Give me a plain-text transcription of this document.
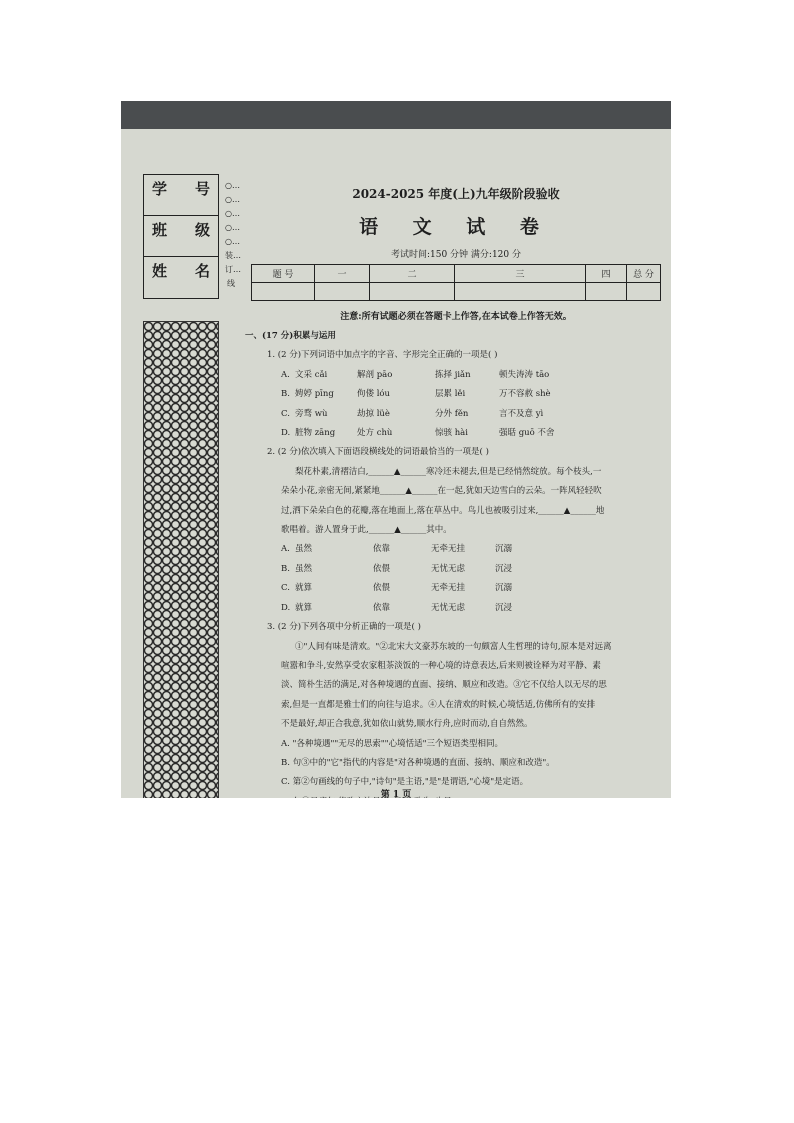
学 号
班 级
姓 名
○…○…○…○…○…装…订…线
2024-2025 年度(上)九年级阶段验收
语 文 试 卷
考试时间:150 分钟 满分:120 分
题 号	一	二	三	四	总 分

注意:所有试题必须在答题卡上作答,在本试卷上作答无效。
一、(17 分)积累与运用
1. (2 分)下列词语中加点字的字音、字形完全正确的一项是( )
A. 文采 cǎi	解剖 pāo	拣择 jiǎn	顿失涛涛 tāo
B. 娉婷 pīng	佝偻 lóu	层累 lěi	万不容赦 shè
C. 旁骛 wù	劫掠 lüè	分外 fěn	言不及意 yì
D. 脏物 zāng	处方 chù	惊骇 hài	强聒 guō 不舍
2. (2 分)依次填入下面语段横线处的词语最恰当的一项是( )
梨花朴素,清褶洁白,______▲______寒冷还未褪去,但是已经悄然绽放。每个枝头,一
朵朵小花,亲密无间,紧紧地______▲______在一起,犹如天边雪白的云朵。一阵风轻轻吹
过,洒下朵朵白色的花瓣,落在地面上,落在草丛中。鸟儿也被吸引过来,______▲______地
歌唱着。游人置身于此,______▲______其中。
A. 虽然	依靠	无牵无挂	沉溺
B. 虽然	依偎	无忧无虑	沉浸
C. 就算	依偎	无牵无挂	沉溺
D. 就算	依靠	无忧无虑	沉浸
3. (2 分)下列各项中分析正确的一项是( )
①"人间有味是清欢。"②北宋大文豪苏东坡的一句颇富人生哲理的诗句,原本是对远离
喧嚣和争斗,安然享受农家粗茶淡饭的一种心境的诗意表达,后来则被诠释为对平静、素
淡、简朴生活的满足,对各种境遇的直面、接纳、顺应和改造。③它不仅给人以无尽的思
索,但是一直都是雅士们的向往与追求。④人在清欢的时候,心境恬适,仿佛所有的安排
不是最好,却正合我意,犹如依山就势,顺水行舟,应时而动,自自然然。
A. "各种境遇""无尽的思索""心境恬适"三个短语类型相同。
B. 句③中的"它"指代的内容是"对各种境遇的直面、接纳、顺应和改造"。
C. 第②句画线的句子中,"诗句"是主语,"是"是谓语,"心境"是定语。
第 1 页
